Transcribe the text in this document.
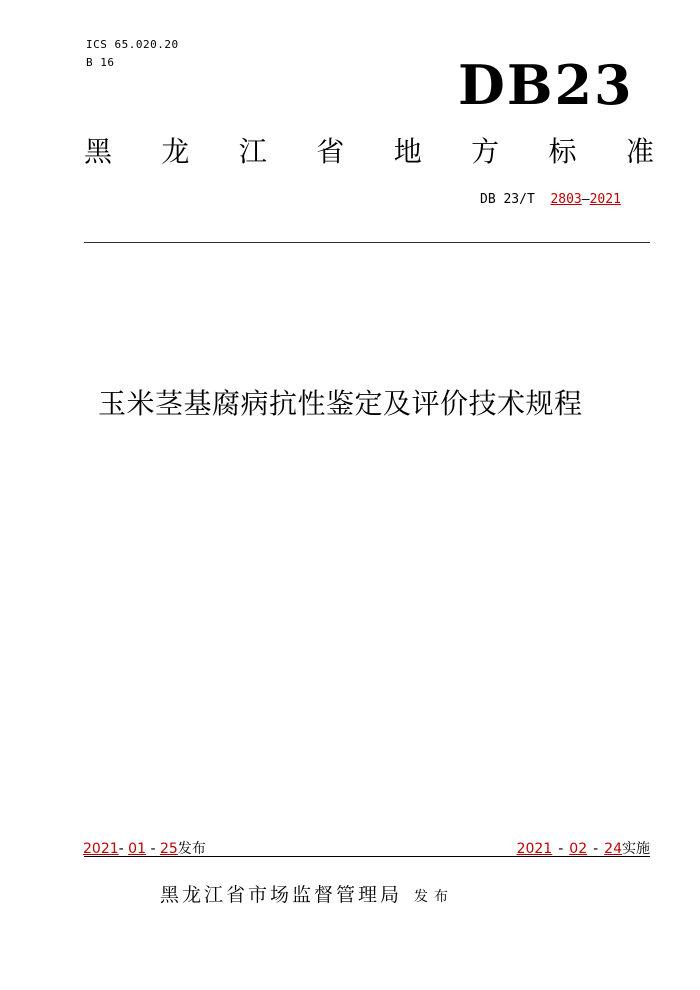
ICS 65.020.20
B 16	DB23
黑 龙 江 省 地 方 标 准
DB 23/T 2803—2021
玉米茎基腐病抗性鉴定及评价技术规程
2021- 01 - 25发布	2021 - 02 - 24实施
黑龙江省市场监督管理局 发布
